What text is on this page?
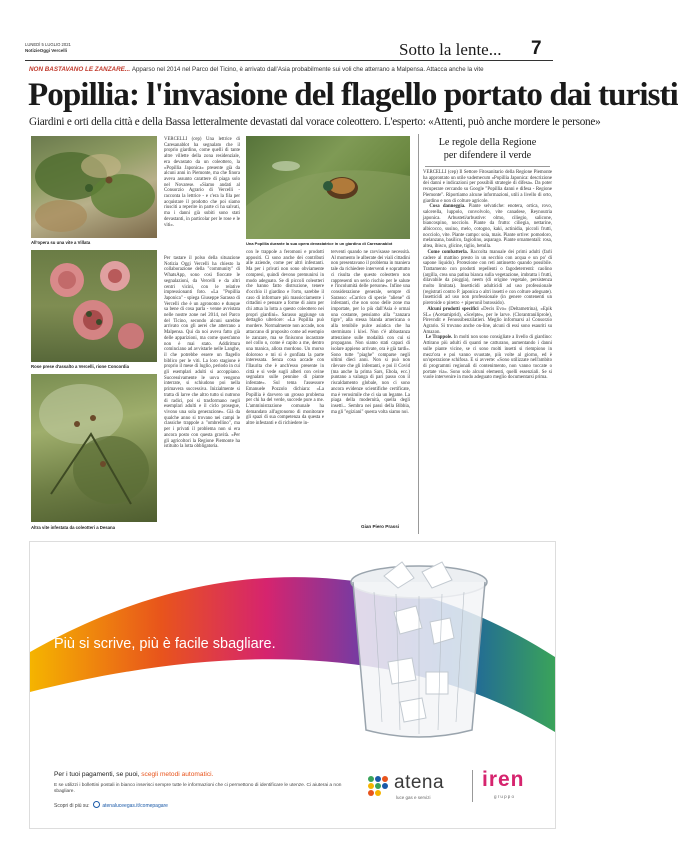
LUNEDÌ 5 LUGLIO 2021
NotizieOggi Vercelli	Sotto la lente... 7
NON BASTAVANO LE ZANZARE... Apparso nel 2014 nel Parco del Ticino, è arrivato dall'Asia probabilmente sui voli che atterrano a Malpensa. Attacca anche la vite
Popillia: l'invasione del flagello portato dai turisti
Giardini e orti della città e della Bassa letteralmente devastati dal vorace coleottero. L'esperto: «Attenti, può anche mordere le persone»
All'opera su una vite a Villata	Una Popillia durante la sua opera devastatrice in un giardino di Caresanablot
Rose prese d'assalto a Vercelli, rione Concordia
Altra vite infestata da coleotteri a Desana
VERCELLI (cep) Una lettrice di Caresanablot ha segnalato che il proprio giardino, come quelli di tante altre villette della zona residenziale, era devastato da un coleottero, la «Popillia Japonica» presente già da alcuni anni in Piemonte, ma che finora aveva assunto carattere di piaga solo nel Novarese. «Siamo andati al Consorzio Agrario di Vercelli - racconta la lettrice - e c'era la fila per acquistare il prodotto che poi siamo riusciti a reperire in parte ci ha salvati, ma i danni già subiti sono stati devastanti, in particolar per le rose e le viti».
Per tastare il polso della situazione Notizia Oggi Vercelli ha chiesto la collaborazione della "community" di WhatsApp, sono così fioccate le segnalazioni, da Vercelli e da altri centri vicini, con le relative impressionanti foto. «La "Popillia Japonica" - spiega Giuseppe Sarasso di Vercelli che è un agronomo e dunque sa bene di cosa parla - venne avvistata nelle nostre zone nel 2014, nel Parco del Ticino, secondo alcuni sarebbe arrivato con gli aerei che atterrano a Malpensa. Qui da noi aveva fatto già delle apparizioni, ma come quest'anno non è mai stato. Addirittura cominciano ad avvistarle nelle Langhe, il che potrebbe essere un flagello biblico per le viti. La loro stagione è proprio il mese di luglio, periodo in cui gli esemplari adulti si accoppiano. Successivamente le uova vengono interrate, si schiudono poi nella primavera successiva. Inizialmente si tratta di larve che altro tutto si nutrono di radici, poi si trasformano negli esemplari adulti e il ciclo prosegue, vivono una sola generazione». Già da qualche anno si trovano nei campi le classiche trappole a "ombrellino", ma per i privati il problema non si era ancora posto con questa gravità. «Per gli agricoltori la Regione Piemonte ha istituito la lotta obbligatoria.
con le trappole a feromoni e prodotti appositi. Ci sono anche dei contributi alle aziende, come per altri infestanti. Ma per i privati non sono obviamente compresi, quindi devono premunirsi in modo adeguato. Se di piccoli coleotteri che hanno fatto distruzione, tenere d'occhio il giardino e l'orto, sarebbe il caso di informare più massicciamente i cittadini e pensare a forme di aiuto per chi attua la lotta a questo coleottero nei propri giardini». Sarasso aggiunge un dettaglio ulteriore: «La Popillia può mordere. Normalmente non accade, non attaccano di proposito come ad esempio le zanzare, ma se finiscono incastrate nel collo o, come è capito a me, dentro una manica, allora mordono. Un morso doloroso e mi si è gonfiata la parte interessata. Senza cosa accade con l'Ilaurita che è anch'esso presente in città e si vede sugli alberi con ovine segnalato sulle pennine di piante infestate». Sul tema l'assessore Emanuele Pozzolo dichiara: «La Popillia è davvero un grosso problema per chi ha del verde, succede pure a me. L'amministrazione comunale ha demandato all'agronomo di monitorare gli spazi di sua competenza da questa e altre infestanti e di richiedere in-
terventi quando ne ravvisasse necessità. Al momento le alberate dei viali cittadini non presentavano il problema in maniera tale da richiedere interventi e soprattutto ci risulta che questo coleottero non rappresenti un serio rischio per le salute e l'incolumità delle persone». Infine una considerazione generale, sempre di Sarasso: «Carrico di specie "aliene" di infestanti, che non sono delle zone ma importate, per lo più dall'Asia è ormai una costante, pensiamo alla "zanzara tigre", alla stessa blanda americana o alla temibile pulce asiatica che ha sterminato i kiwi. Non c'è abbastanza attenzione sulle modalità con cui si propagano. Non siamo stati capaci di isolare appieno arrivate, ora è già tardi». Sono tutte "piaghe" comparse negli ultimi dieci anni. Non si può non rilevare che gli infestanti, e poi il Covid (ma anche la prima Sars, Ebola, ecc.) puntano a valanga di pari passo con il riscaldamento globale, non ci sono ancora evidenze scientifiche certificate, ma è verosimile che ci sia un legame. La piaga della modernità, quella degli insetti... Sembra nei passi della Bibbia, ma gli "egiziani" questa volta siamo noi.
Gian Piero Prassi
Le regole della Regione
per difendere il verde
VERCELLI (cep) Il Settore Fitosanitario della Regione Piemonte ha approntato un utile vademecum «Popillia Japonica: descrizione dei danni e indicazioni per possibili strategie di difesa». Da poter recuperare cercando su Google "Popillia danni e difesa - Regione Piemonte". Riportiamo alcune informazioni, utili a livello di orto, giardino e non di colture agricole.
Cosa danneggia. Piante selvatiche: enotera, ortica, rovo, salcerella, luppolo, convolvolo, vite canadese, Reynoutria japonica. Arbusteti/arbustive: olmo, ciliegio, salicone, biancospino, nocciolo. Piante da frutto: ciliegia, nettarine, albicocco, susino, melo, cotogno, kaki, actinidia, piccoli frutti, nocciolo, vite. Piante campo: soia, mais. Piante ortive: pomodoro, melanzana, basilico, fagiolino, asparago. Piante ornamentali: rosa, altea, ibisco, glicine, tiglio, betulla.
Come combatterla. Raccolta manuale dei primi adulti (farli cadere al mattino presto in un secchio con acqua e un po' di sapone liquido). Protezione con reti antinsetto quando possibile. Trattamento con prodotti repellenti o fagodeterrenti: caolino (argilla, crea una patina bianca sulla vegetazione, imbratta i frutti, dilavabile da pioggia), neem (di origine vegetale, persistenza molto limitata). Insetticidi adulticidi ad uso professionale (registrati contro P. japonica o altri insetti e con colture adeguate). Insetticidi ad uso non professionale (in genere contenenti un piretroide o piretro + piperonil butossido).
Alcuni prodotti specifici «Decis Evo» (Deltametrina), «Epik SL» (Acetamiprid), «Scelpte», per le larve. (Clorantraniliprole), Pirevndit e Fenossibenzilatieri. Meglio informarsi al Consorzio Agrario. Si trovano anche on-line, alcuni di essi sono esauriti su Amazon.
Le Trappole. In molti non sono consigliate a livello di giardino: Attirano più adulti di quanti ne catturano, aumentando i danni sulle piante vicine, se ci sono molti insetti si riempiono in mezz'ora e poi vanno svuotate, più volte al giorno, ed è un'operazione schifosa. E si avverte: «Sono utilizzate nell'ambito di programmi regionali di contenimento, non vanno toccate o portate via». Sono solo alcuni elementi, quelli essenziali. Se si vuole intervenire in modo adeguato meglio documentarsi prima.
Più si scrive, più è facile sbagliare.
Per i tuoi pagamenti, se puoi, scegli metodi automatici.
E se utilizzi i bollettini postali in bianco inserisci sempre tutte le informazioni che ci permettono di identificare le utenze. Ci aiuterai a non sbagliare.
Scopri di più su:	atenaluceegas.it/comepagare
atena
luce gas e servizi
iren
gruppo
